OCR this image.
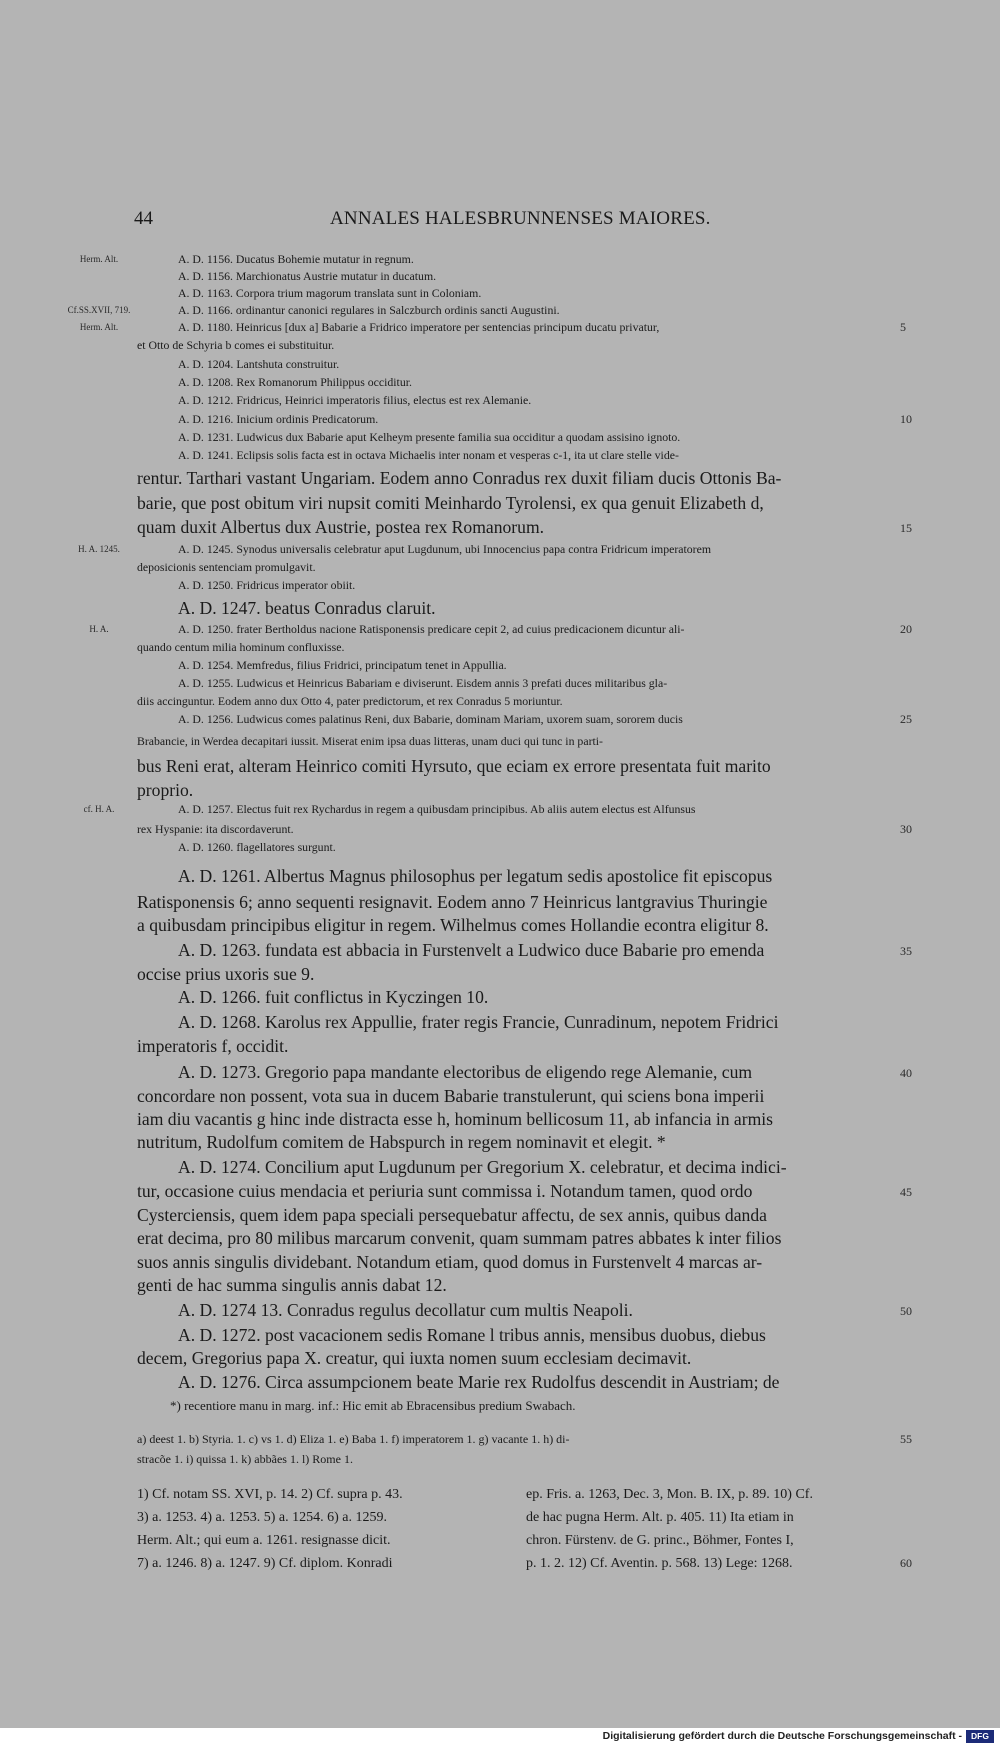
44	ANNALES HALESBRUNNENSES MAIORES.
Herm. Alt.	A. D. 1156. Ducatus Bohemie mutatur in regnum.
A. D. 1156. Marchionatus Austrie mutatur in ducatum.
A. D. 1163. Corpora trium magorum translata sunt in Coloniam.
Cf.SS.XVII, 719.	A. D. 1166. ordinantur canonici regulares in Salczburch ordinis sancti Augustini.
Herm. Alt.	A. D. 1180. Heinricus [dux a] Babarie a Fridrico imperatore per sentencias principum ducatu privatur,	5
et Otto de Schyria b comes ei substituitur.
A. D. 1204. Lantshuta construitur.
A. D. 1208. Rex Romanorum Philippus occiditur.
A. D. 1212. Fridricus, Heinrici imperatoris filius, electus est rex Alemanie.
A. D. 1216. Inicium ordinis Predicatorum.	10
A. D. 1231. Ludwicus dux Babarie aput Kelheym presente familia sua occiditur a quodam assisino ignoto.
A. D. 1241. Eclipsis solis facta est in octava Michaelis inter nonam et vesperas c-1, ita ut clare stelle vide-
rentur. Tarthari vastant Ungariam. Eodem anno Conradus rex duxit filiam ducis Ottonis Ba-
barie, que post obitum viri nupsit comiti Meinhardo Tyrolensi, ex qua genuit Elizabeth d,
quam duxit Albertus dux Austrie, postea rex Romanorum.	15
H. A. 1245.	A. D. 1245. Synodus universalis celebratur aput Lugdunum, ubi Innocencius papa contra Fridricum imperatorem
deposicionis sentenciam promulgavit.
A. D. 1250. Fridricus imperator obiit.
A. D. 1247. beatus Conradus claruit.
H. A.	A. D. 1250. frater Bertholdus nacione Ratisponensis predicare cepit 2, ad cuius predicacionem dicuntur ali-	20
quando centum milia hominum confluxisse.
A. D. 1254. Memfredus, filius Fridrici, principatum tenet in Appullia.
A. D. 1255. Ludwicus et Heinricus Babariam e diviserunt. Eisdem annis 3 prefati duces militaribus gla-
diis accinguntur. Eodem anno dux Otto 4, pater predictorum, et rex Conradus 5 moriuntur.
A. D. 1256. Ludwicus comes palatinus Reni, dux Babarie, dominam Mariam, uxorem suam, sororem ducis	25
Brabancie, in Werdea decapitari iussit. Miserat enim ipsa duas litteras, unam duci qui tunc in parti-
bus Reni erat, alteram Heinrico comiti Hyrsuto, que eciam ex errore presentata fuit marito
proprio.
cf. H. A.	A. D. 1257. Electus fuit rex Rychardus in regem a quibusdam principibus. Ab aliis autem electus est Alfunsus
rex Hyspanie: ita discordaverunt.	30
A. D. 1260. flagellatores surgunt.
A. D. 1261. Albertus Magnus philosophus per legatum sedis apostolice fit episcopus
Ratisponensis 6; anno sequenti resignavit. Eodem anno 7 Heinricus lantgravius Thuringie
a quibusdam principibus eligitur in regem. Wilhelmus comes Hollandie econtra eligitur 8.
A. D. 1263. fundata est abbacia in Furstenvelt a Ludwico duce Babarie pro emenda	35
occise prius uxoris sue 9.
A. D. 1266. fuit conflictus in Kyczingen 10.
A. D. 1268. Karolus rex Appullie, frater regis Francie, Cunradinum, nepotem Fridrici
imperatoris f, occidit.
A. D. 1273. Gregorio papa mandante electoribus de eligendo rege Alemanie, cum	40
concordare non possent, vota sua in ducem Babarie transtulerunt, qui sciens bona imperii
iam diu vacantis g hinc inde distracta esse h, hominum bellicosum 11, ab infancia in armis
nutritum, Rudolfum comitem de Habspurch in regem nominavit et elegit. *
A. D. 1274. Concilium aput Lugdunum per Gregorium X. celebratur, et decima indici-
tur, occasione cuius mendacia et periuria sunt commissa i. Notandum tamen, quod ordo	45
Cysterciensis, quem idem papa speciali persequebatur affectu, de sex annis, quibus danda
erat decima, pro 80 milibus marcarum convenit, quam summam patres abbates k inter filios
suos annis singulis dividebant. Notandum etiam, quod domus in Furstenvelt 4 marcas ar-
genti de hac summa singulis annis dabat 12.
A. D. 1274 13. Conradus regulus decollatur cum multis Neapoli.	50
A. D. 1272. post vacacionem sedis Romane l tribus annis, mensibus duobus, diebus
decem, Gregorius papa X. creatur, qui iuxta nomen suum ecclesiam decimavit.
A. D. 1276. Circa assumpcionem beate Marie rex Rudolfus descendit in Austriam; de
*) recentiore manu in marg. inf.: Hic emit ab Ebracensibus predium Swabach.
a) deest 1. b) Styria. 1. c) vs 1. d) Eliza 1. e) Baba 1. f) imperatorem 1. g) vacante 1. h) di-	55
stracõe 1. i) quissa 1. k) abbães 1. l) Rome 1.
1) Cf. notam SS. XVI, p. 14. 2) Cf. supra p. 43.	ep. Fris. a. 1263, Dec. 3, Mon. B. IX, p. 89. 10) Cf.
3) a. 1253. 4) a. 1253. 5) a. 1254. 6) a. 1259.	de hac pugna Herm. Alt. p. 405. 11) Ita etiam in
Herm. Alt.; qui eum a. 1261. resignasse dicit.	chron. Fürstenv. de G. princ., Böhmer, Fontes I,
7) a. 1246. 8) a. 1247. 9) Cf. diplom. Konradi	p. 1. 2. 12) Cf. Aventin. p. 568. 13) Lege: 1268.	60
Digitalisierung gefördert durch die Deutsche Forschungsgemeinschaft -	DFG
